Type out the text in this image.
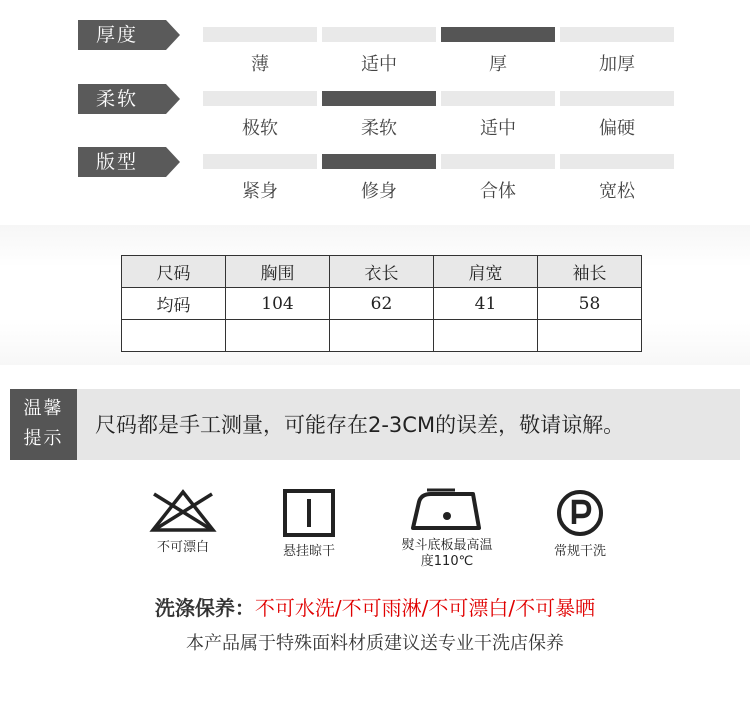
厚度
薄	适中	厚	加厚
柔软
极软	柔软	适中	偏硬
版型
紧身	修身	合体	宽松
尺码	胸围	衣长	肩宽	袖长
均码	104	62	41	58

温馨
提示
尺码都是手工测量，可能存在2-3CM的误差，敬请谅解。
不可漂白	悬挂晾干	熨斗底板最高温
度110℃
常规干洗
洗涤保养：不可水洗/不可雨淋/不可漂白/不可暴晒
本产品属于特殊面料材质建议送专业干洗店保养
